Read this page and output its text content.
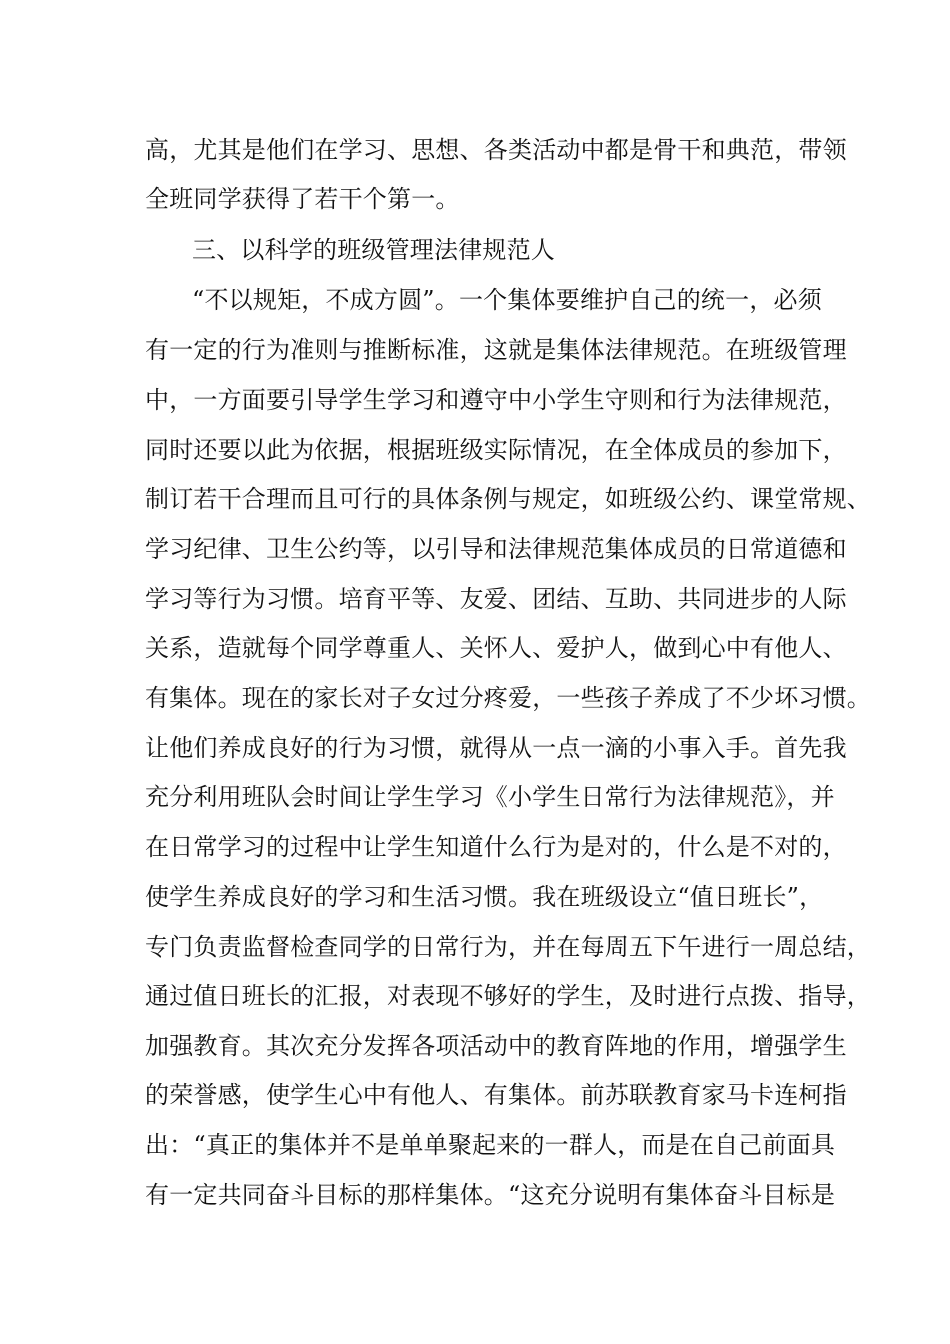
高，尤其是他们在学习、思想、各类活动中都是骨干和典范，带领
全班同学获得了若干个第一。
三、以科学的班级管理法律规范人
“不以规矩，不成方圆”。一个集体要维护自己的统一，必须
有一定的行为准则与推断标准，这就是集体法律规范。在班级管理
中，一方面要引导学生学习和遵守中小学生守则和行为法律规范，
同时还要以此为依据，根据班级实际情况，在全体成员的参加下，
制订若干合理而且可行的具体条例与规定，如班级公约、课堂常规、
学习纪律、卫生公约等，以引导和法律规范集体成员的日常道德和
学习等行为习惯。培育平等、友爱、团结、互助、共同进步的人际
关系，造就每个同学尊重人、关怀人、爱护人，做到心中有他人、
有集体。现在的家长对子女过分疼爱，一些孩子养成了不少坏习惯。
让他们养成良好的行为习惯，就得从一点一滴的小事入手。首先我
充分利用班队会时间让学生学习《小学生日常行为法律规范》，并
在日常学习的过程中让学生知道什么行为是对的，什么是不对的，
使学生养成良好的学习和生活习惯。我在班级设立“值日班长”，
专门负责监督检查同学的日常行为，并在每周五下午进行一周总结，
通过值日班长的汇报，对表现不够好的学生，及时进行点拨、指导，
加强教育。其次充分发挥各项活动中的教育阵地的作用，增强学生
的荣誉感，使学生心中有他人、有集体。前苏联教育家马卡连柯指
出：“真正的集体并不是单单聚起来的一群人，而是在自己前面具
有一定共同奋斗目标的那样集体。“这充分说明有集体奋斗目标是
